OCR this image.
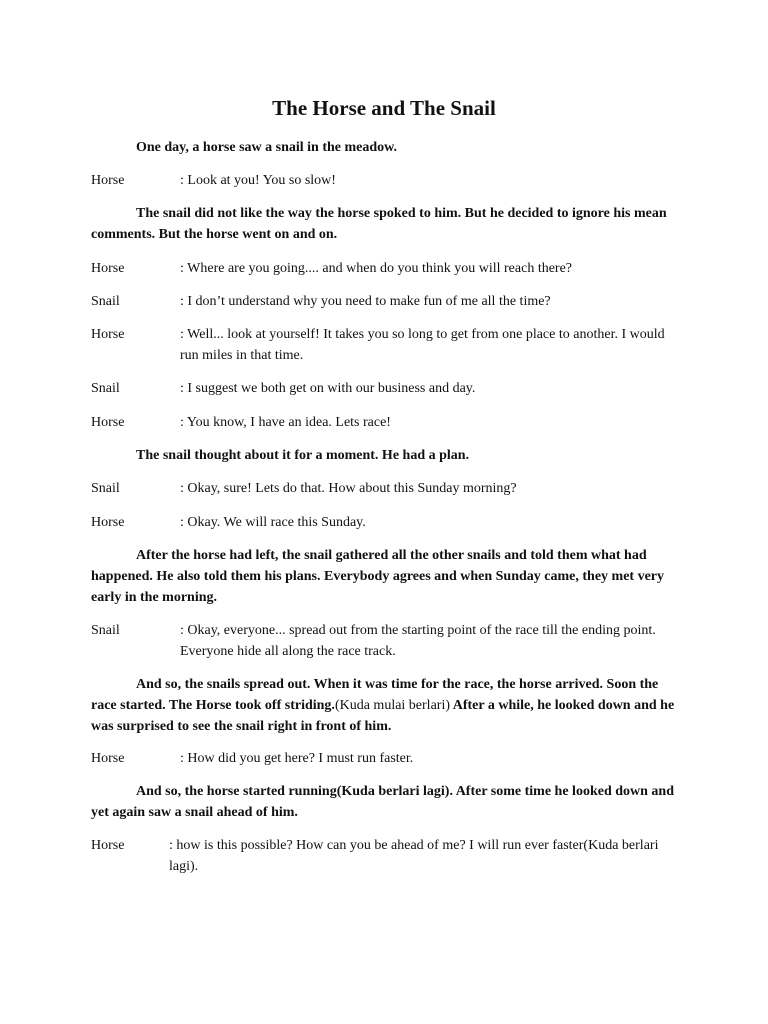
The Horse and The Snail
One day, a horse saw a snail in the meadow.
Horse	: Look at you! You so slow!
The snail did not like the way the horse spoked to him. But he decided to ignore his mean comments. But the horse went on and on.
Horse	: Where are you going.... and when do you think you will reach there?
Snail	: I don’t understand why you need to make fun of me all the time?
Horse	: Well... look at yourself! It takes you so long to get from one place to another. I would run miles in that time.
Snail	: I suggest we both get on with our business and day.
Horse	: You know, I have an idea. Lets race!
The snail thought about it for a moment. He had a plan.
Snail	: Okay, sure! Lets do that. How about this Sunday morning?
Horse	: Okay. We will race this Sunday.
After the horse had left, the snail gathered all the other snails and told them what had happened. He also told them his plans. Everybody agrees and when Sunday came, they met very early in the morning.
Snail	: Okay, everyone... spread out from the starting point of the race till the ending point. Everyone hide all along the race track.
And so, the snails spread out. When it was time for the race, the horse arrived. Soon the race started. The Horse took off striding.(Kuda mulai berlari) After a while, he looked down and he was surprised to see the snail right in front of him.
Horse	: How did you get here? I must run faster.
And so, the horse started running(Kuda berlari lagi). After some time he looked down and yet again saw a snail ahead of him.
Horse	: how is this possible? How can you be ahead of me? I will run ever faster(Kuda berlari lagi).
